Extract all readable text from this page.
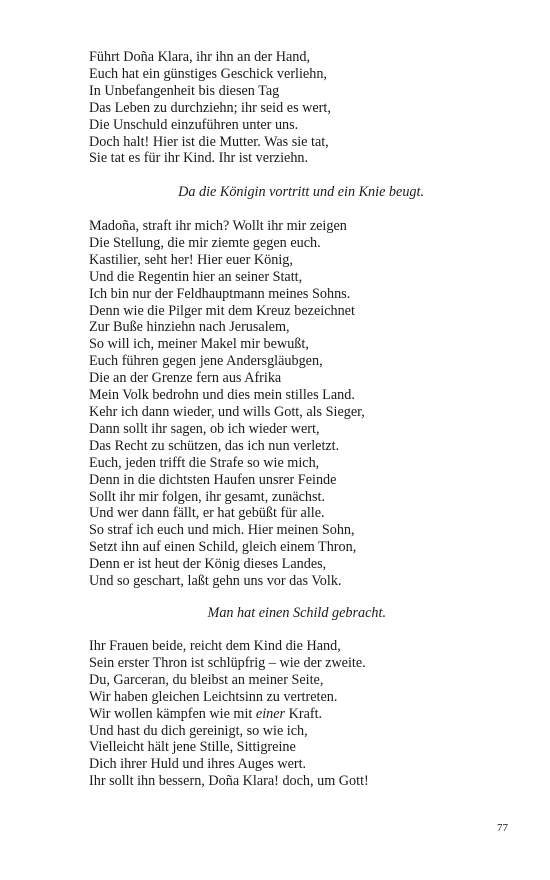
Führt Doña Klara, ihr ihn an der Hand,
Euch hat ein günstiges Geschick verliehn,
In Unbefangenheit bis diesen Tag
Das Leben zu durchziehn; ihr seid es wert,
Die Unschuld einzuführen unter uns.
Doch halt! Hier ist die Mutter. Was sie tat,
Sie tat es für ihr Kind. Ihr ist verziehn.
Da die Königin vortritt und ein Knie beugt.
Madoña, straft ihr mich? Wollt ihr mir zeigen
Die Stellung, die mir ziemte gegen euch.
Kastilier, seht her! Hier euer König,
Und die Regentin hier an seiner Statt,
Ich bin nur der Feldhauptmann meines Sohns.
Denn wie die Pilger mit dem Kreuz bezeichnet
Zur Buße hinziehn nach Jerusalem,
So will ich, meiner Makel mir bewußt,
Euch führen gegen jene Andersgläubgen,
Die an der Grenze fern aus Afrika
Mein Volk bedrohn und dies mein stilles Land.
Kehr ich dann wieder, und wills Gott, als Sieger,
Dann sollt ihr sagen, ob ich wieder wert,
Das Recht zu schützen, das ich nun verletzt.
Euch, jeden trifft die Strafe so wie mich,
Denn in die dichtsten Haufen unsrer Feinde
Sollt ihr mir folgen, ihr gesamt, zunächst.
Und wer dann fällt, er hat gebüßt für alle.
So straf ich euch und mich. Hier meinen Sohn,
Setzt ihn auf einen Schild, gleich einem Thron,
Denn er ist heut der König dieses Landes,
Und so geschart, laßt gehn uns vor das Volk.
Man hat einen Schild gebracht.
Ihr Frauen beide, reicht dem Kind die Hand,
Sein erster Thron ist schlüpfrig – wie der zweite.
Du, Garceran, du bleibst an meiner Seite,
Wir haben gleichen Leichtsinn zu vertreten.
Wir wollen kämpfen wie mit einer Kraft.
Und hast du dich gereinigt, so wie ich,
Vielleicht hält jene Stille, Sittigreine
Dich ihrer Huld und ihres Auges wert.
Ihr sollt ihn bessern, Doña Klara! doch, um Gott!
77
